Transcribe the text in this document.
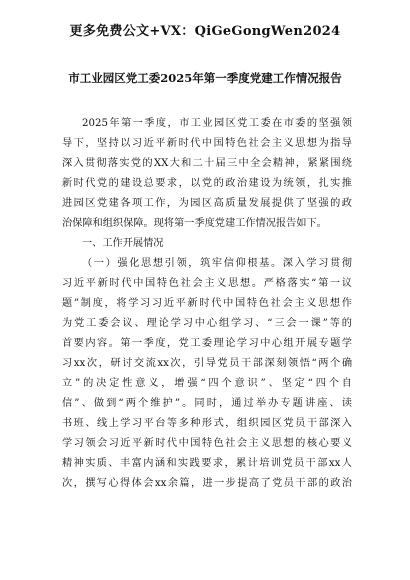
更多免费公文+VX：QiGeGongWen2024
市工业园区党工委2025年第一季度党建工作情况报告
2025年第一季度，市工业园区党工委在市委的坚强领
导下，坚持以习近平新时代中国特色社会主义思想为指导
深入贯彻落实党的XX大和二十届三中全会精神，紧紧围绕
新时代党的建设总要求，以党的政治建设为统领，扎实推
进园区党建各项工作，为园区高质量发展提供了坚强的政
治保障和组织保障。现将第一季度党建工作情况报告如下。
一、工作开展情况
（一）强化思想引领，筑牢信仰根基。深入学习贯彻
习近平新时代中国特色社会主义思想。严格落实“第一议
题”制度，将学习习近平新时代中国特色社会主义思想作
为党工委会议、理论学习中心组学习、“三会一课”等的
首要内容。第一季度，党工委理论学习中心组开展专题学
习xx次，研讨交流xx次，引导党员干部深刻领悟“两个确
立”的决定性意义，增强“四个意识”、坚定“四个自
信”、做到“两个维护”。同时，通过举办专题讲座、读
书班、线上学习平台等多种形式，组织园区党员干部深入
学习领会习近平新时代中国特色社会主义思想的核心要义
精神实质、丰富内涵和实践要求，累计培训党员干部xx人
次，撰写心得体会xx余篇，进一步提高了党员干部的政治
